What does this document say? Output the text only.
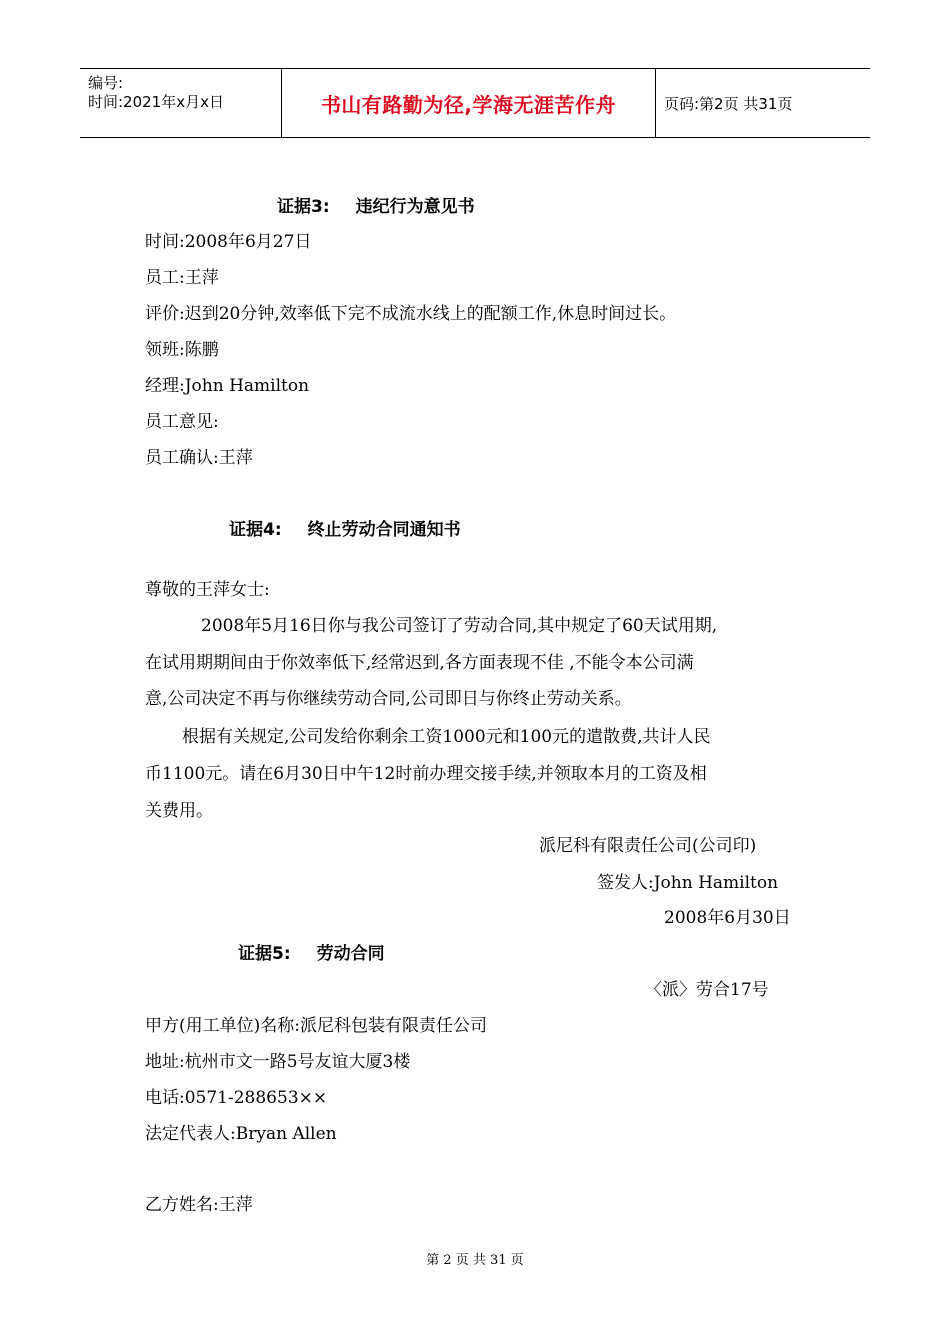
编号:
时间:2021年x月x日	书山有路勤为径,学海无涯苦作舟	页码:第2页 共31页
证据3: 违纪行为意见书
时间:2008年6月27日
员工:王萍
评价:迟到20分钟,效率低下完不成流水线上的配额工作,休息时间过长。
领班:陈鹏
经理:John Hamilton
员工意见:
员工确认:王萍
证据4: 终止劳动合同通知书
尊敬的王萍女士:
2008年5月16日你与我公司签订了劳动合同,其中规定了60天试用期,
在试用期期间由于你效率低下,经常迟到,各方面表现不佳 ,不能令本公司满
意,公司决定不再与你继续劳动合同,公司即日与你终止劳动关系。
根据有关规定,公司发给你剩余工资1000元和100元的遣散费,共计人民
币1100元。请在6月30日中午12时前办理交接手续,并领取本月的工资及相
关费用。
派尼科有限责任公司(公司印)
签发人:John Hamilton
2008年6月30日
证据5: 劳动合同
〈派〉劳合17号
甲方(用工单位)名称:派尼科包装有限责任公司
地址:杭州市文一路5号友谊大厦3楼
电话:0571-288653××
法定代表人:Bryan Allen
乙方姓名:王萍
第 2 页 共 31 页
